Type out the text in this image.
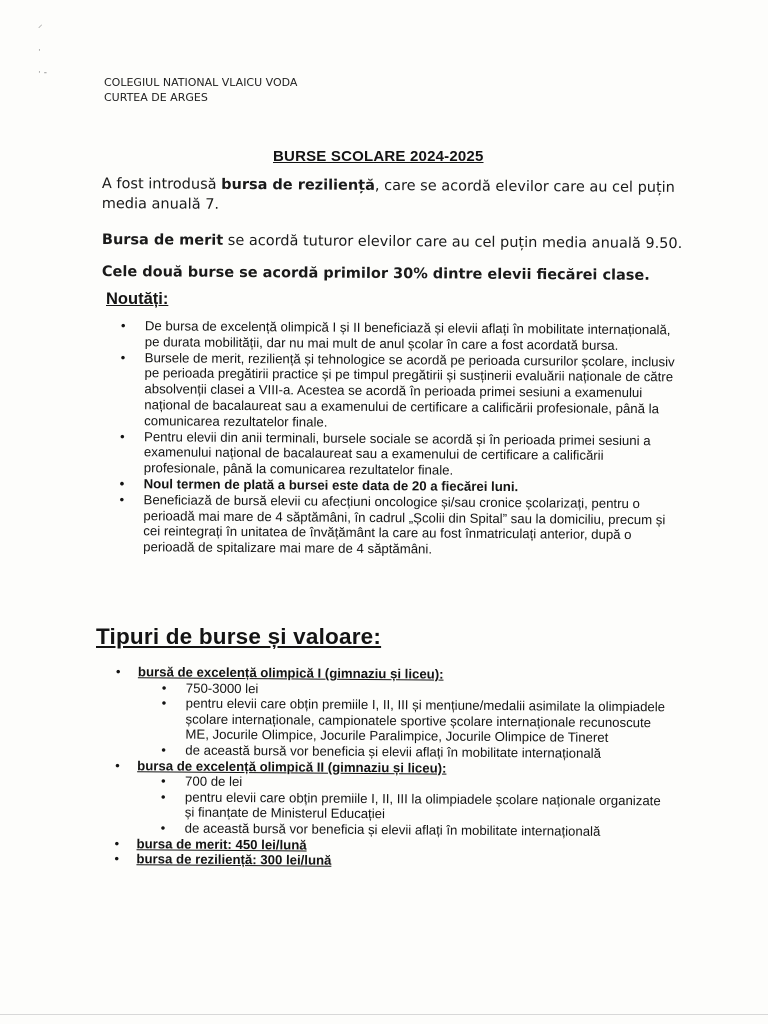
⸍
·
· ‑
COLEGIUL NATIONAL VLAICU VODA
CURTEA DE ARGES
BURSE SCOLARE 2024-2025
A fost introdusă bursa de reziliență, care se acordă elevilor care au cel puțin media anuală 7.
Bursa de merit se acordă tuturor elevilor care au cel puțin media anuală 9.50.
Cele două burse se acordă primilor 30% dintre elevii fiecărei clase.
Noutăți:
• De bursa de excelență olimpică I și II beneficiază și elevii aflați în mobilitate internațională, pe durata mobilității, dar nu mai mult de anul școlar în care a fost acordată bursa.
• Bursele de merit, reziliență și tehnologice se acordă pe perioada cursurilor școlare, inclusiv pe perioada pregătirii practice și pe timpul pregătirii și susținerii evaluării naționale de către absolvenții clasei a VIII-a. Acestea se acordă în perioada primei sesiuni a examenului național de bacalaureat sau a examenului de certificare a calificării profesionale, până la comunicarea rezultatelor finale.
• Pentru elevii din anii terminali, bursele sociale se acordă și în perioada primei sesiuni a examenului național de bacalaureat sau a examenului de certificare a calificării profesionale, până la comunicarea rezultatelor finale.
• Noul termen de plată a bursei este data de 20 a fiecărei luni.
• Beneficiază de bursă elevii cu afecțiuni oncologice și/sau cronice școlarizați, pentru o perioadă mai mare de 4 săptămâni, în cadrul „Școlii din Spital” sau la domiciliu, precum și cei reintegrați în unitatea de învățământ la care au fost înmatriculați anterior, după o perioadă de spitalizare mai mare de 4 săptămâni.
Tipuri de burse și valoare:
• bursă de excelență olimpică I (gimnaziu și liceu):
• 750-3000 lei
• pentru elevii care obțin premiile I, II, III și mențiune/medalii asimilate la olimpiadele școlare internaționale, campionatele sportive școlare internaționale recunoscute ME, Jocurile Olimpice, Jocurile Paralimpice, Jocurile Olimpice de Tineret
• de această bursă vor beneficia și elevii aflați în mobilitate internațională
• bursa de excelență olimpică II (gimnaziu și liceu):
• 700 de lei
• pentru elevii care obțin premiile I, II, III la olimpiadele școlare naționale organizate și finanțate de Ministerul Educației
• de această bursă vor beneficia și elevii aflați în mobilitate internațională
• bursa de merit: 450 lei/lună
• bursa de reziliență: 300 lei/lună
